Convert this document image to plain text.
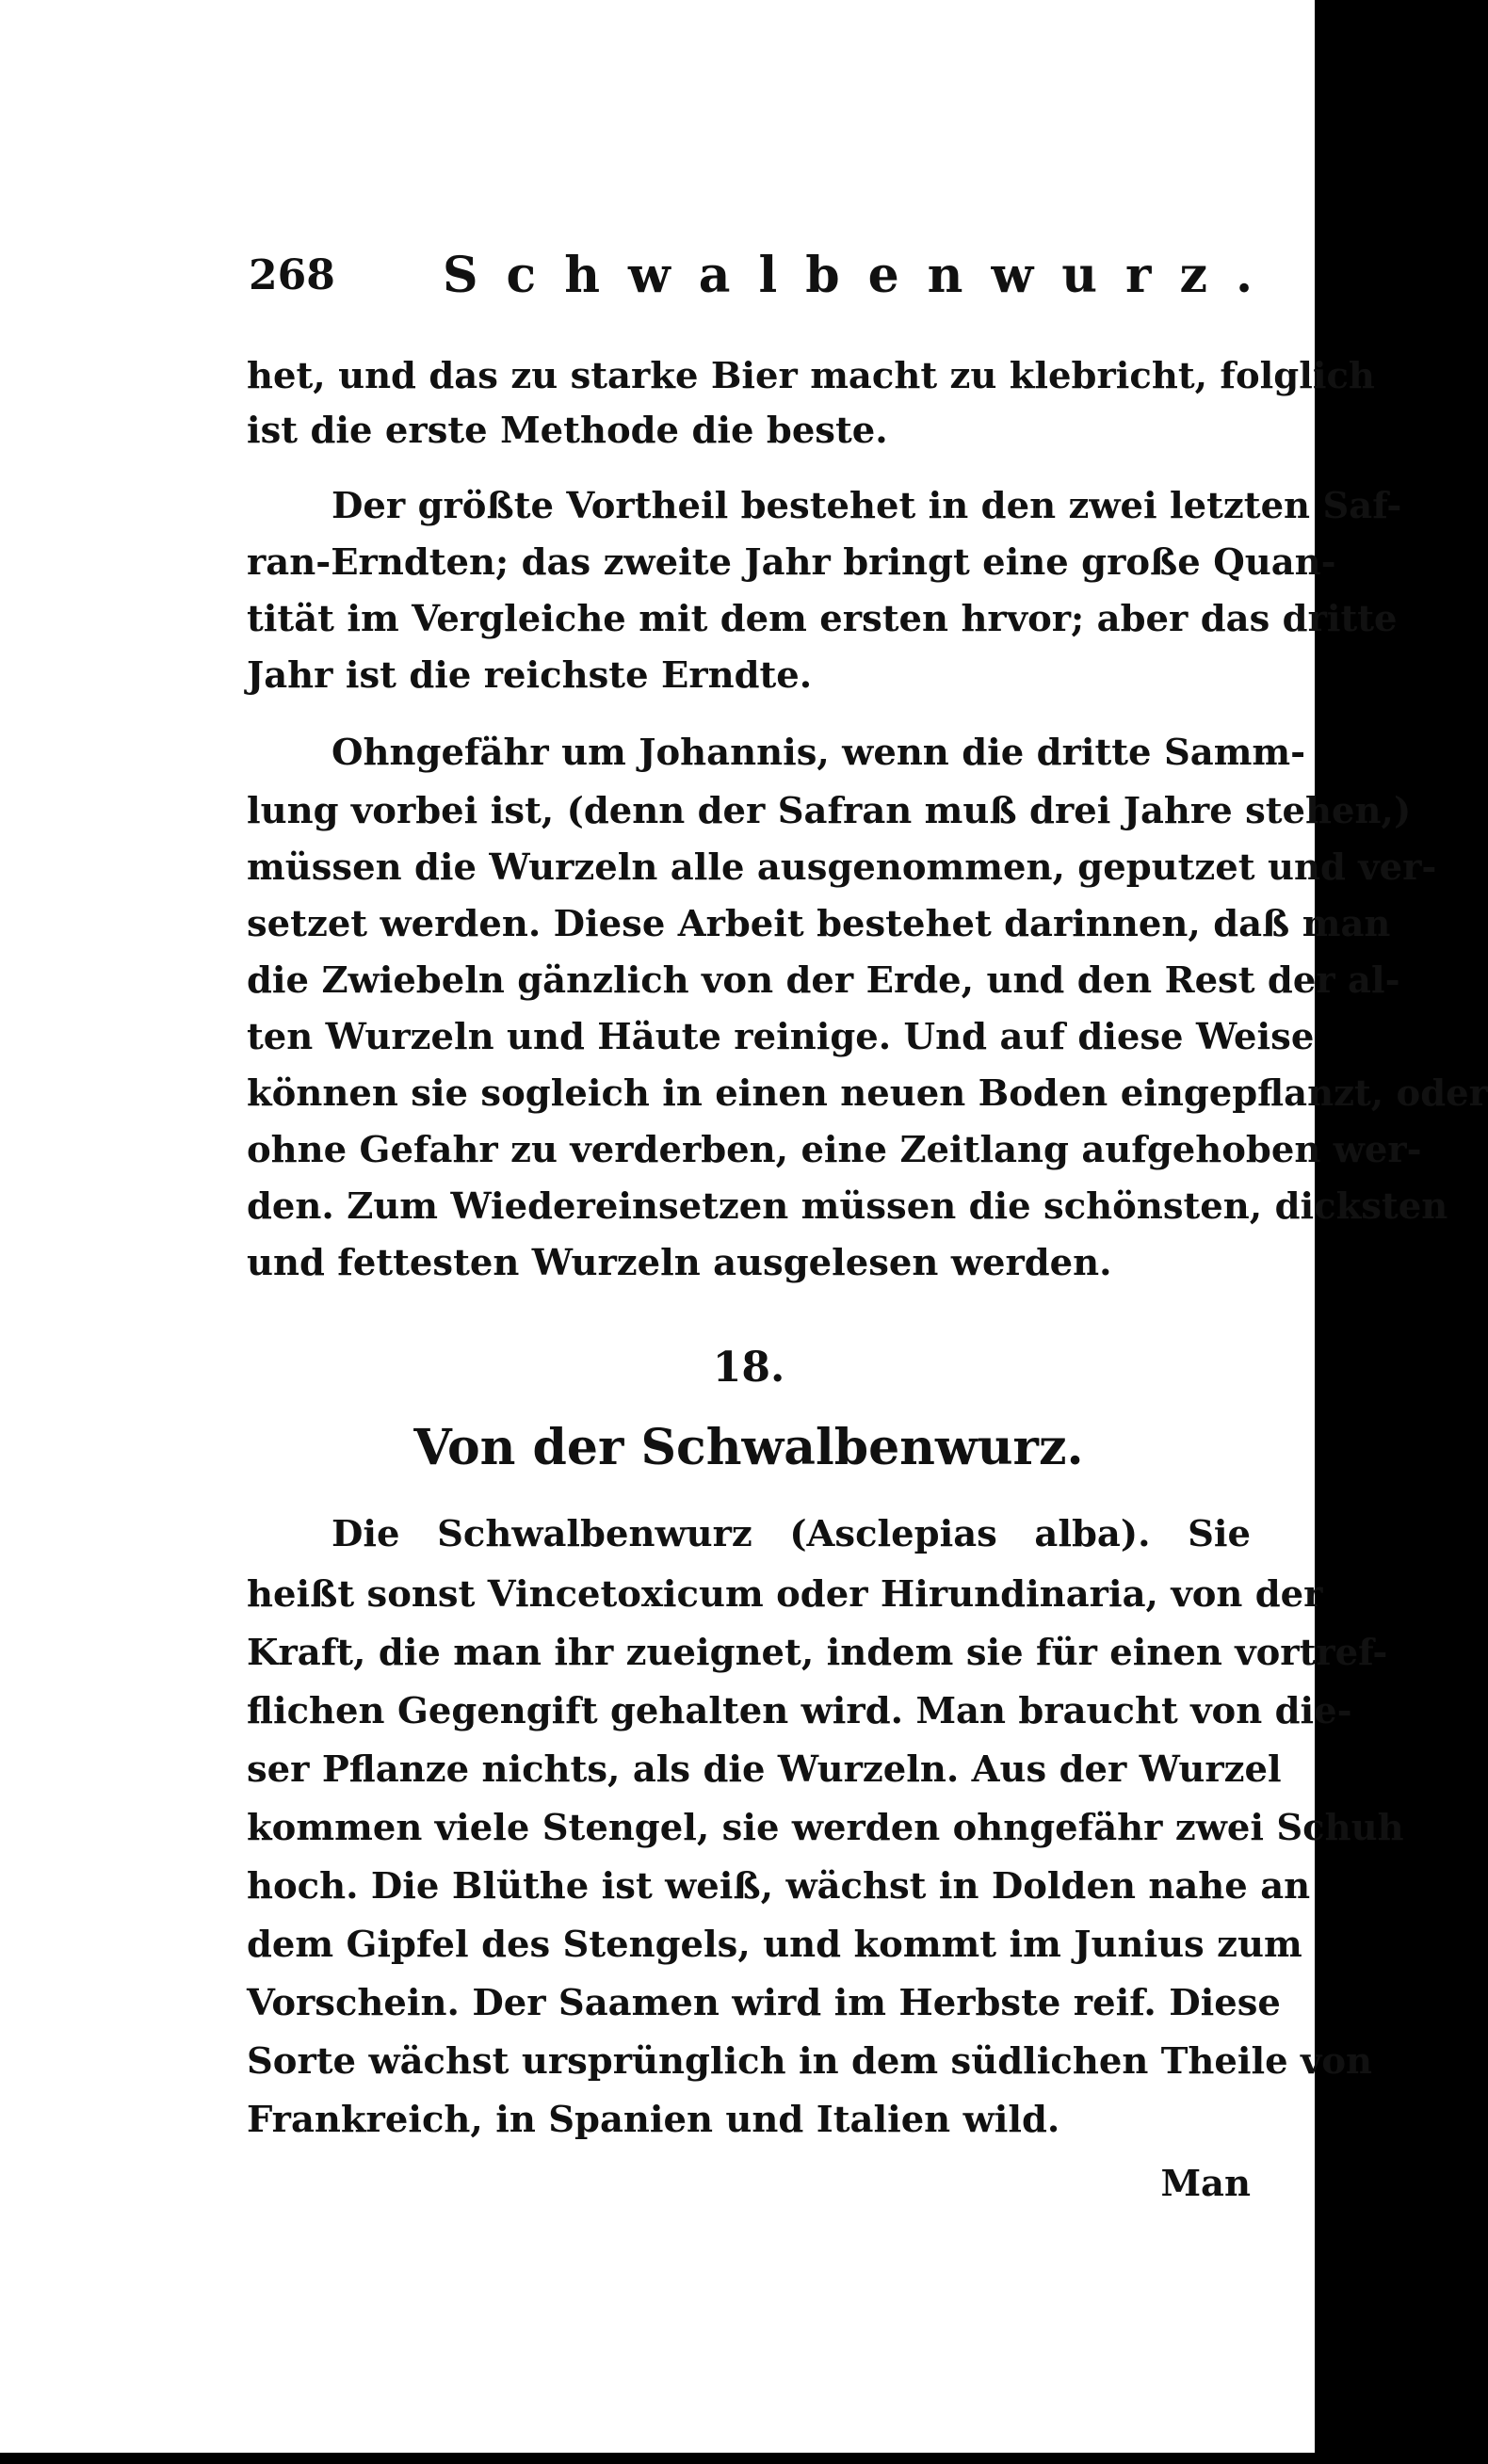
268 Schwalbenwurz.
het, und das zu starke Bier macht zu klebricht, folglich
ist die erste Methode die beste.
Der größte Vortheil bestehet in den zwei letzten Saf-
ran-Erndten; das zweite Jahr bringt eine große Quan-
tität im Vergleiche mit dem ersten hrvor; aber das dritte
Jahr ist die reichste Erndte.
Ohngefähr um Johannis, wenn die dritte Samm-
lung vorbei ist, (denn der Safran muß drei Jahre stehen,)
müssen die Wurzeln alle ausgenommen, geputzet und ver-
setzet werden. Diese Arbeit bestehet darinnen, daß man
die Zwiebeln gänzlich von der Erde, und den Rest der al-
ten Wurzeln und Häute reinige. Und auf diese Weise
können sie sogleich in einen neuen Boden eingepflanzt, oder
ohne Gefahr zu verderben, eine Zeitlang aufgehoben wer-
den. Zum Wiedereinsetzen müssen die schönsten, dicksten
und fettesten Wurzeln ausgelesen werden.
18.
Von der Schwalbenwurz.
Die Schwalbenwurz (Asclepias alba). Sie
heißt sonst Vincetoxicum oder Hirundinaria, von der
Kraft, die man ihr zueignet, indem sie für einen vortref-
flichen Gegengift gehalten wird. Man braucht von die-
ser Pflanze nichts, als die Wurzeln. Aus der Wurzel
kommen viele Stengel, sie werden ohngefähr zwei Schuh
hoch. Die Blüthe ist weiß, wächst in Dolden nahe an
dem Gipfel des Stengels, und kommt im Junius zum
Vorschein. Der Saamen wird im Herbste reif. Diese
Sorte wächst ursprünglich in dem südlichen Theile von
Frankreich, in Spanien und Italien wild.
Man
